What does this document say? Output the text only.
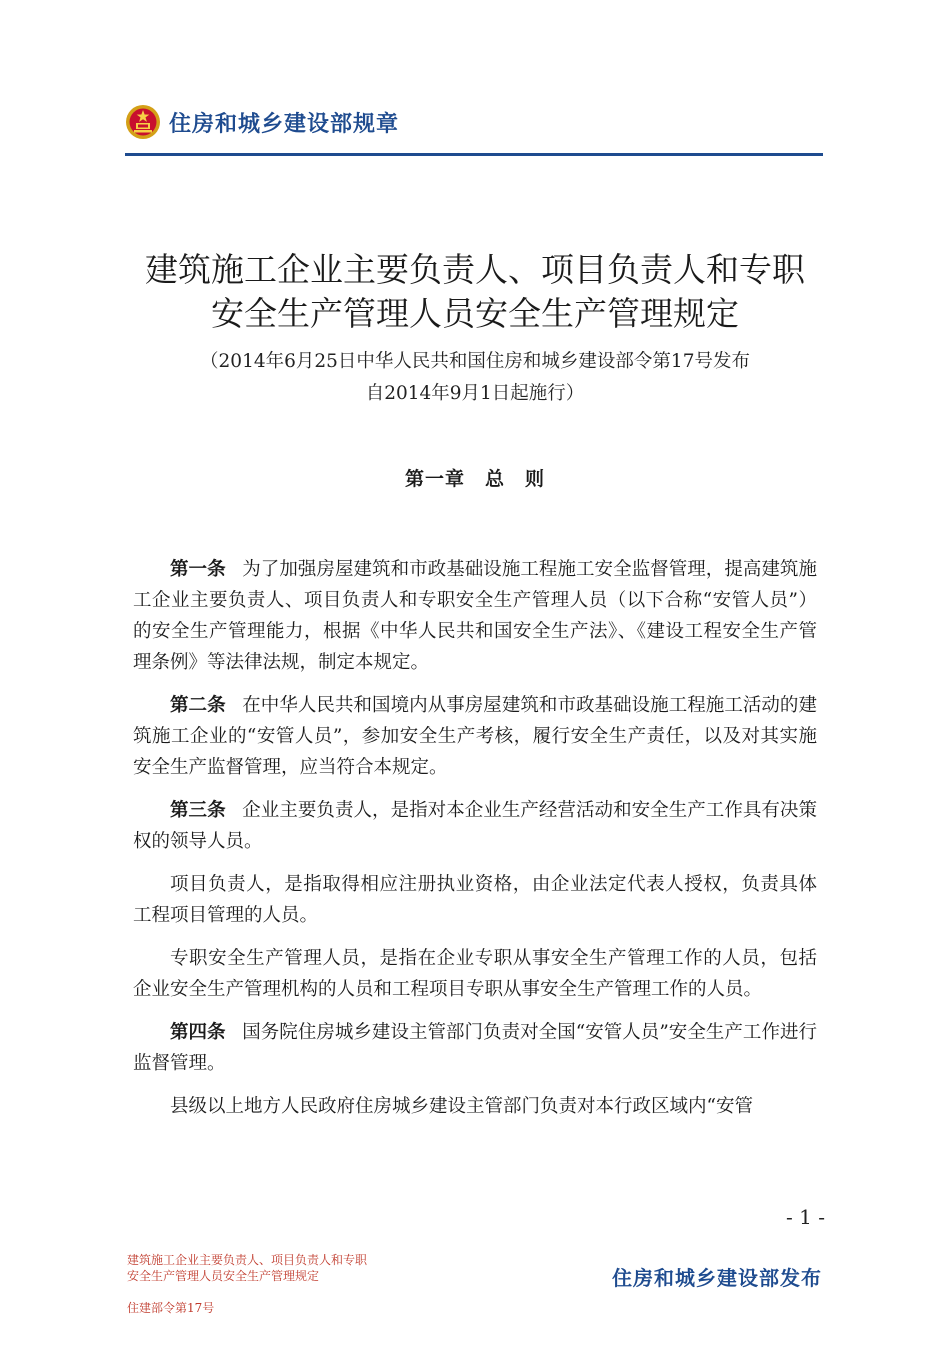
住房和城乡建设部规章
建筑施工企业主要负责人、项目负责人和专职
安全生产管理人员安全生产管理规定
（2014年6月25日中华人民共和国住房和城乡建设部令第17号发布
自2014年9月1日起施行）
第一章　总　则

第一条 为了加强房屋建筑和市政基础设施工程施工安全监督管理，提高建筑施工企业主要负责人、项目负责人和专职安全生产管理人员（以下合称“安管人员”）的安全生产管理能力，根据《中华人民共和国安全生产法》、《建设工程安全生产管理条例》等法律法规，制定本规定。

第二条 在中华人民共和国境内从事房屋建筑和市政基础设施工程施工活动的建筑施工企业的“安管人员”，参加安全生产考核，履行安全生产责任，以及对其实施安全生产监督管理，应当符合本规定。

第三条 企业主要负责人，是指对本企业生产经营活动和安全生产工作具有决策权的领导人员。

项目负责人，是指取得相应注册执业资格，由企业法定代表人授权，负责具体工程项目管理的人员。

专职安全生产管理人员，是指在企业专职从事安全生产管理工作的人员，包括企业安全生产管理机构的人员和工程项目专职从事安全生产管理工作的人员。

第四条 国务院住房城乡建设主管部门负责对全国“安管人员”安全生产工作进行监督管理。

县级以上地方人民政府住房城乡建设主管部门负责对本行政区域内“安管

- 1 -
建筑施工企业主要负责人、项目负责人和专职
安全生产管理人员安全生产管理规定
住建部令第17号
住房和城乡建设部发布
